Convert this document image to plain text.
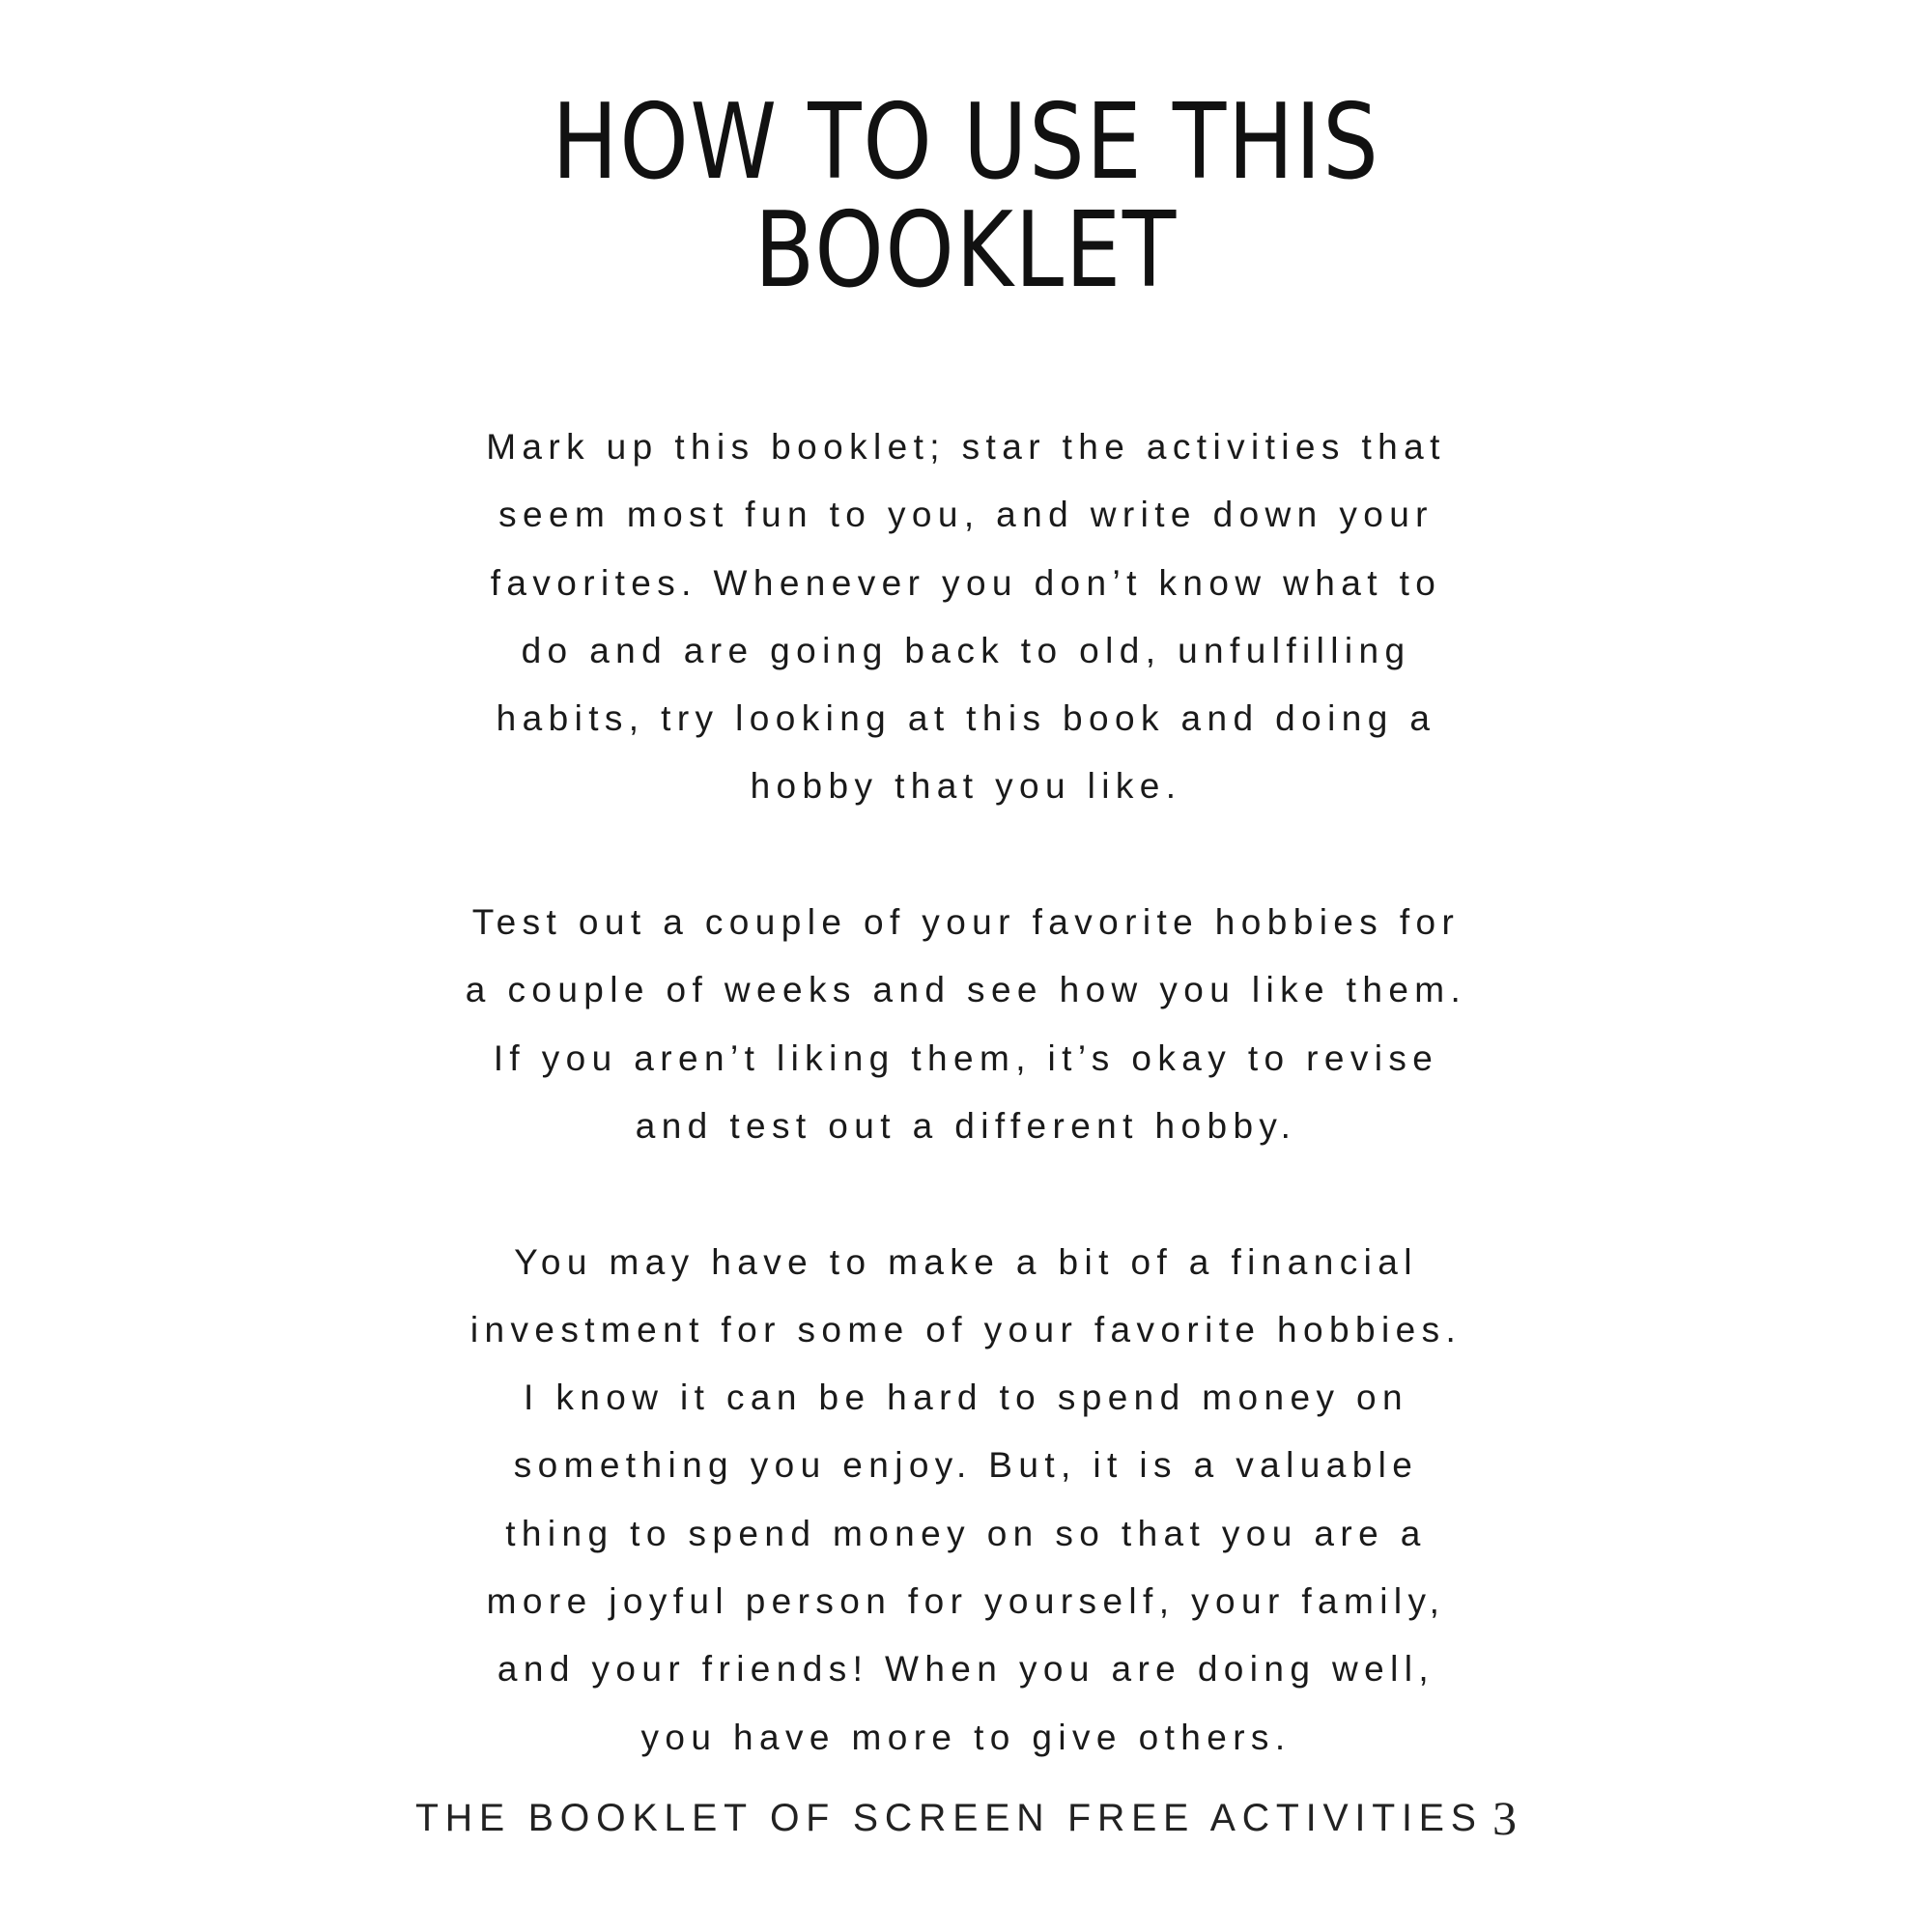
HOW TO USE THIS
BOOKLET

Mark up this booklet; star the activities that
seem most fun to you, and write down your
favorites. Whenever you don’t know what to
do and are going back to old, unfulfilling
habits, try looking at this book and doing a
hobby that you like.

Test out a couple of your favorite hobbies for
a couple of weeks and see how you like them.
If you aren’t liking them, it’s okay to revise
and test out a different hobby.

You may have to make a bit of a financial
investment for some of your favorite hobbies.
I know it can be hard to spend money on
something you enjoy. But, it is a valuable
thing to spend money on so that you are a
more joyful person for yourself, your family,
and your friends! When you are doing well,
you have more to give others.

THE BOOKLET OF SCREEN FREE ACTIVITIES 3
